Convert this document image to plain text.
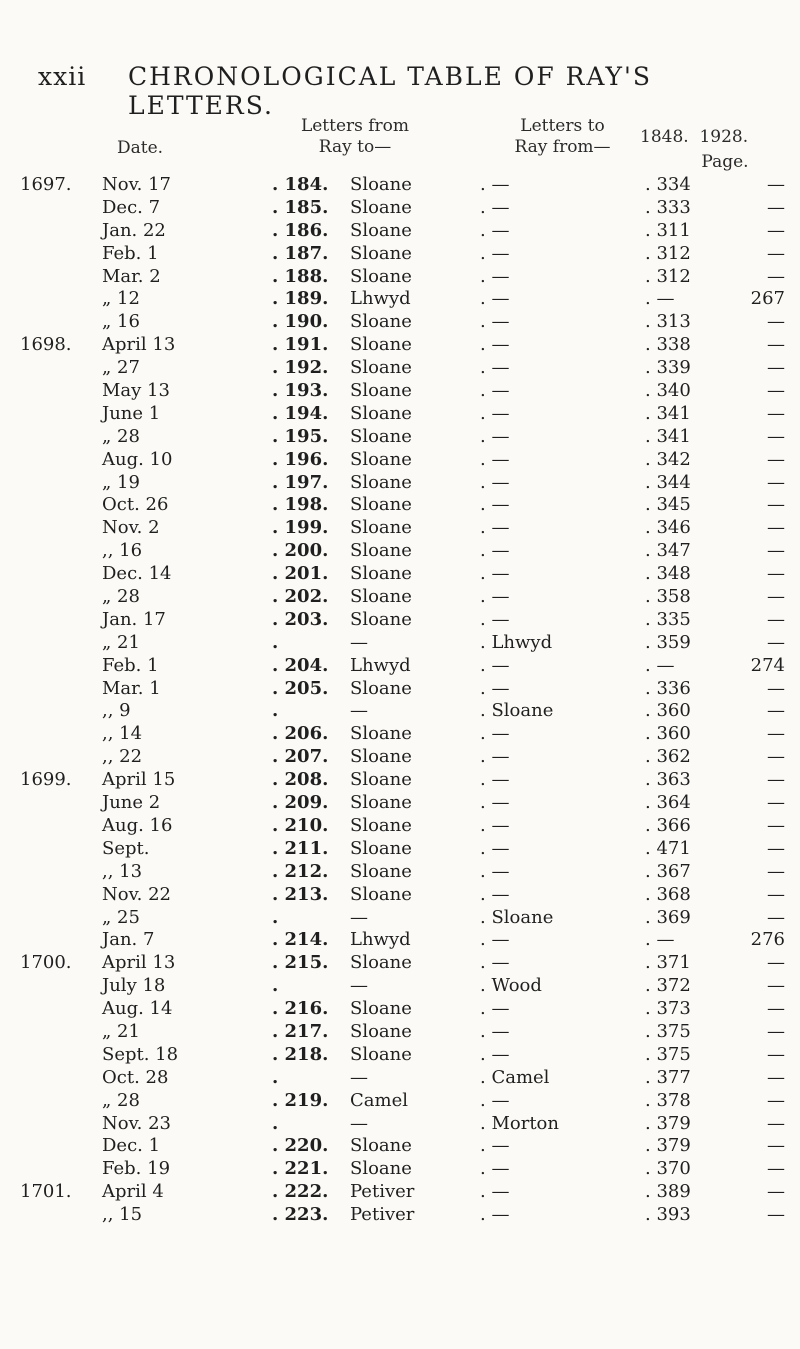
xxii CHRONOLOGICAL TABLE OF RAY'S LETTERS.
Date.
Letters from
Ray to—
Letters to
Ray from—	1848.  1928.
Page.
1697.	Nov. 17	. 184. Sloane	. —	. 334	—
Dec. 7	. 185. Sloane	. —	. 333	—
Jan. 22	. 186. Sloane	. —	. 311	—
Feb. 1	. 187. Sloane	. —	. 312	—
Mar. 2	. 188. Sloane	. —	. 312	—
„ 12	. 189. Lhwyd	. —	. —	267
„ 16	. 190. Sloane	. —	. 313	—
1698.	April 13	. 191. Sloane	. —	. 338	—
„ 27	. 192. Sloane	. —	. 339	—
May 13	. 193. Sloane	. —	. 340	—
June 1	. 194. Sloane	. —	. 341	—
„ 28	. 195. Sloane	. —	. 341	—
Aug. 10	. 196. Sloane	. —	. 342	—
„ 19	. 197. Sloane	. —	. 344	—
Oct. 26	. 198. Sloane	. —	. 345	—
Nov. 2	. 199. Sloane	. —	. 346	—
,, 16	. 200. Sloane	. —	. 347	—
Dec. 14	. 201. Sloane	. —	. 348	—
„ 28	. 202. Sloane	. —	. 358	—
Jan. 17	. 203. Sloane	. —	. 335	—
„ 21	.	—	. Lhwyd	. 359	—
Feb. 1	. 204. Lhwyd	. —	. —	274
Mar. 1	. 205. Sloane	. —	. 336	—
,, 9	.	—	. Sloane	. 360	—
,, 14	. 206. Sloane	. —	. 360	—
,, 22	. 207. Sloane	. —	. 362	—
1699.	April 15	. 208. Sloane	. —	. 363	—
June 2	. 209. Sloane	. —	. 364	—
Aug. 16	. 210. Sloane	. —	. 366	—
Sept.	. 211. Sloane	. —	. 471	—
,, 13	. 212. Sloane	. —	. 367	—
Nov. 22	. 213. Sloane	. —	. 368	—
„ 25	.	—	. Sloane	. 369	—
Jan. 7	. 214. Lhwyd	. —	. —	276
1700.	April 13	. 215. Sloane	. —	. 371	—
July 18	.	—	. Wood	. 372	—
Aug. 14	. 216. Sloane	. —	. 373	—
„ 21	. 217. Sloane	. —	. 375	—
Sept. 18	. 218. Sloane	. —	. 375	—
Oct. 28	.	—	. Camel	. 377	—
„ 28	. 219. Camel	. —	. 378	—
Nov. 23	.	—	. Morton	. 379	—
Dec. 1	. 220. Sloane	. —	. 379	—
Feb. 19	. 221. Sloane	. —	. 370	—
1701.	April 4	. 222. Petiver	. —	. 389	—
,, 15	. 223. Petiver	. —	. 393	—
